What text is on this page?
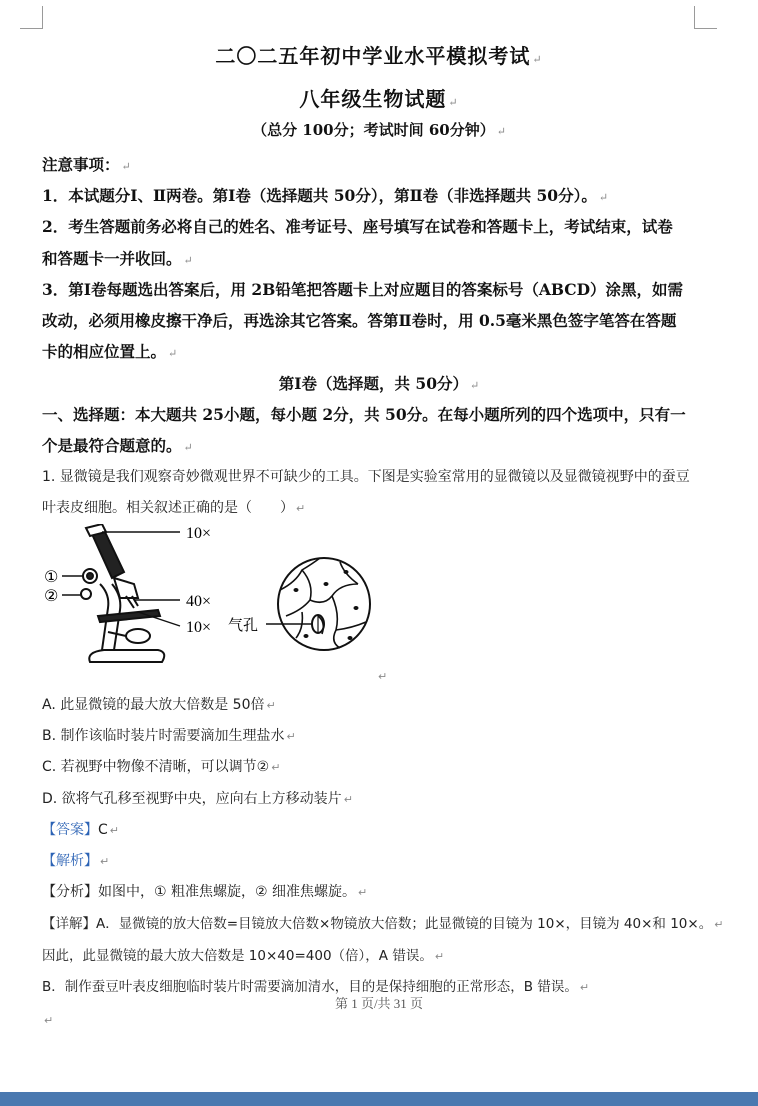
二〇二五年初中学业水平模拟考试 ↵
八年级生物试题 ↵
（总分 100分；考试时间 60分钟） ↵
注意事项： ↵
1．本试题分Ⅰ、Ⅱ两卷。第Ⅰ卷（选择题共 50分），第Ⅱ卷（非选择题共 50分）。 ↵
2．考生答题前务必将自己的姓名、准考证号、座号填写在试卷和答题卡上，考试结束，试卷
和答题卡一并收回。 ↵
3．第Ⅰ卷每题选出答案后，用 2B铅笔把答题卡上对应题目的答案标号（ABCD）涂黑，如需
改动，必须用橡皮擦干净后，再选涂其它答案。答第Ⅱ卷时，用 0.5毫米黑色签字笔答在答题
卡的相应位置上。 ↵
第Ⅰ卷（选择题，共 50分） ↵
一、选择题：本大题共 25小题，每小题 2分，共 50分。在每小题所列的四个选项中，只有一
个是最符合题意的。 ↵
1. 显微镜是我们观察奇妙微观世界不可缺少的工具。下图是实验室常用的显微镜以及显微镜视野中的蚕豆
叶表皮细胞。相关叙述正确的是（　　） ↵
10×
40×
10×
①
②
气孔
↵
A. 此显微镜的最大放大倍数是 50倍 ↵
B. 制作该临时装片时需要滴加生理盐水 ↵
C. 若视野中物像不清晰，可以调节② ↵
D. 欲将气孔移至视野中央，应向右上方移动装片 ↵
【答案】C ↵
【解析】 ↵
【分析】如图中，① 粗准焦螺旋，② 细准焦螺旋。 ↵
【详解】A．显微镜的放大倍数=目镜放大倍数×物镜放大倍数；此显微镜的目镜为 10×，目镜为 40×和 10×。 ↵
因此，此显微镜的最大放大倍数是 10×40=400（倍），A 错误。 ↵
B．制作蚕豆叶表皮细胞临时装片时需要滴加清水，目的是保持细胞的正常形态，B 错误。 ↵
第 1 页/共 31 页
↵
